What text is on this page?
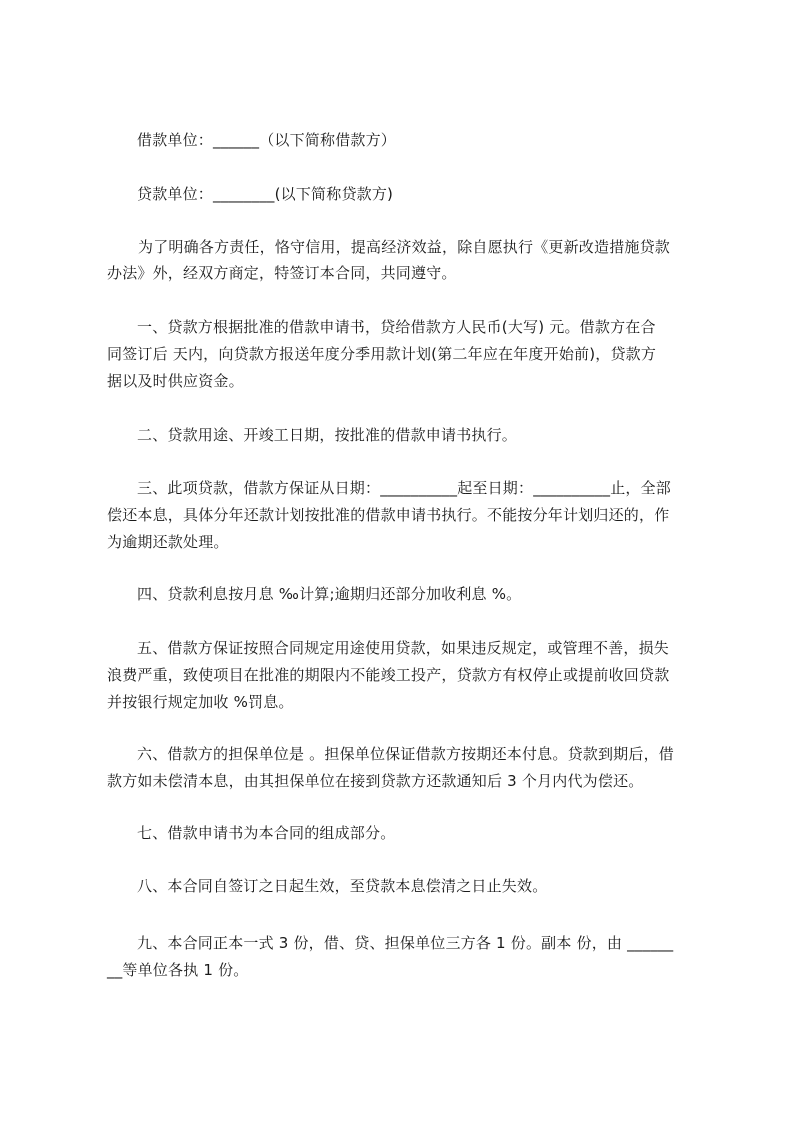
借款单位：______（以下简称借款方）
贷款单位：________(以下简称贷款方)
为了明确各方责任，恪守信用，提高经济效益，除自愿执行《更新改造措施贷款
办法》外，经双方商定，特签订本合同，共同遵守。
一、贷款方根据批准的借款申请书，贷给借款方人民币(大写) 元。借款方在合
同签订后 天内，向贷款方报送年度分季用款计划(第二年应在年度开始前)，贷款方
据以及时供应资金。
二、贷款用途、开竣工日期，按批准的借款申请书执行。
三、此项贷款，借款方保证从日期：__________起至日期：__________止，全部
偿还本息，具体分年还款计划按批准的借款申请书执行。不能按分年计划归还的，作
为逾期还款处理。
四、贷款利息按月息 ‰计算;逾期归还部分加收利息 %。
五、借款方保证按照合同规定用途使用贷款，如果违反规定，或管理不善，损失
浪费严重，致使项目在批准的期限内不能竣工投产，贷款方有权停止或提前收回贷款
并按银行规定加收 %罚息。
六、借款方的担保单位是 。担保单位保证借款方按期还本付息。贷款到期后，借
款方如未偿清本息，由其担保单位在接到贷款方还款通知后 3 个月内代为偿还。
七、借款申请书为本合同的组成部分。
八、本合同自签订之日起生效，至贷款本息偿清之日止失效。
九、本合同正本一式 3 份，借、贷、担保单位三方各 1 份。副本 份，由 ______
__等单位各执 1 份。
